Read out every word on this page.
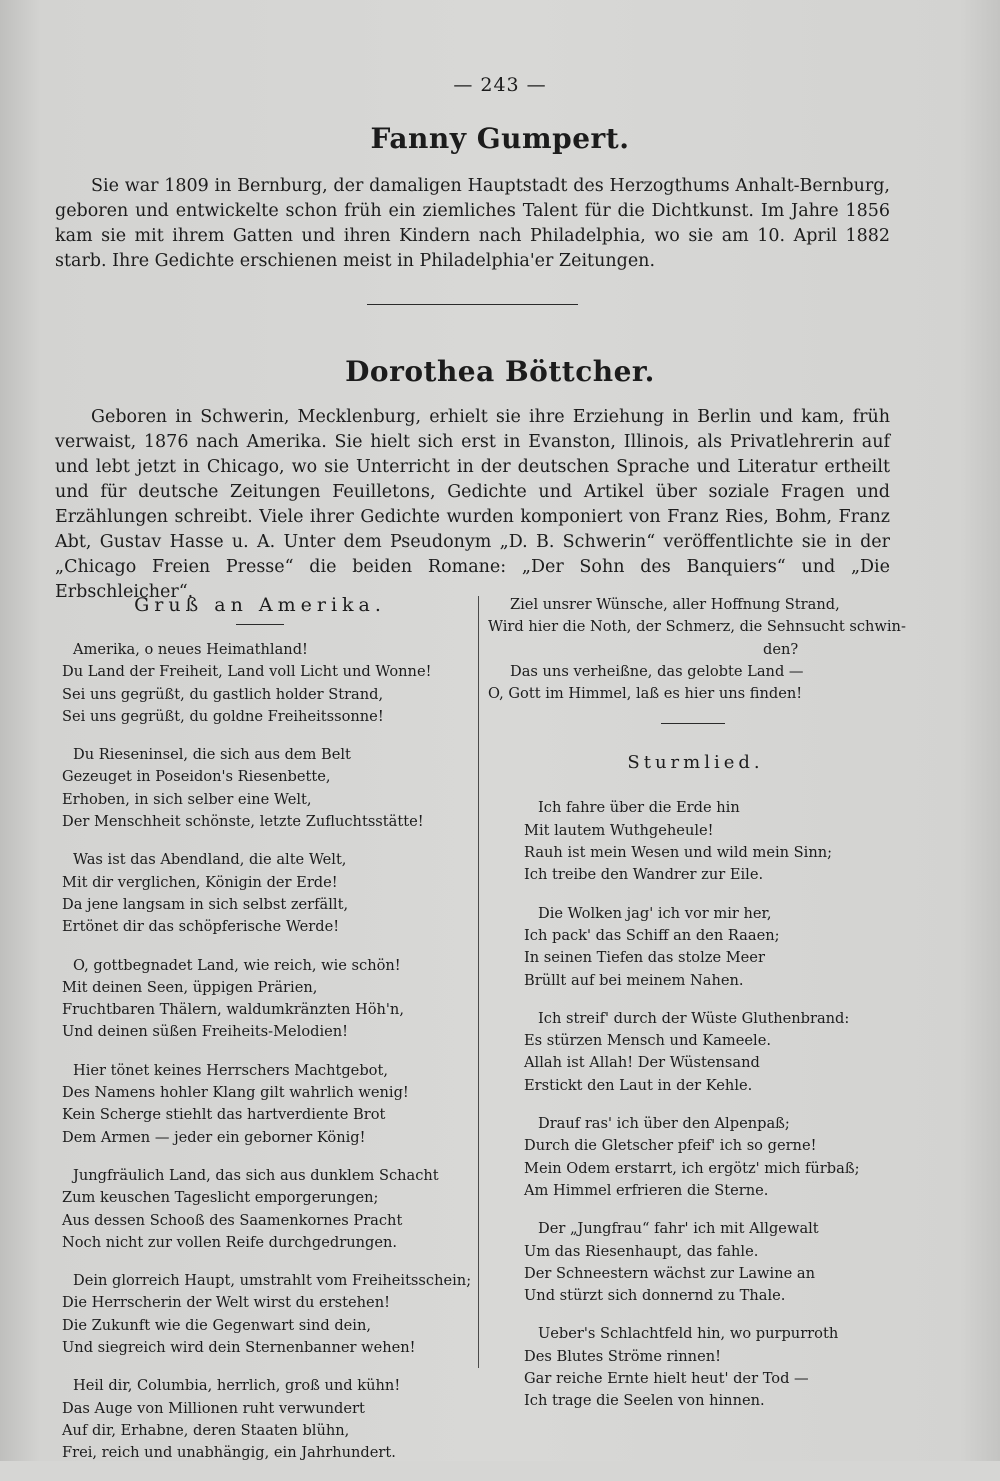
— 243 —
Fanny Gumpert.
Sie war 1809 in Bernburg, der damaligen Hauptstadt des Herzogthums Anhalt-Bernburg, geboren und entwickelte schon früh ein ziemliches Talent für die Dichtkunst. Im Jahre 1856 kam sie mit ihrem Gatten und ihren Kindern nach Philadelphia, wo sie am 10. April 1882 starb. Ihre Gedichte erschienen meist in Philadelphia'er Zeitungen.
Dorothea Böttcher.
Geboren in Schwerin, Mecklenburg, erhielt sie ihre Erziehung in Berlin und kam, früh verwaist, 1876 nach Amerika. Sie hielt sich erst in Evanston, Illinois, als Privatlehrerin auf und lebt jetzt in Chicago, wo sie Unterricht in der deutschen Sprache und Literatur ertheilt und für deutsche Zeitungen Feuilletons, Gedichte und Artikel über soziale Fragen und Erzählungen schreibt. Viele ihrer Gedichte wurden komponiert von Franz Ries, Bohm, Franz Abt, Gustav Hasse u. A. Unter dem Pseudonym „D. B. Schwerin“ veröffentlichte sie in der „Chicago Freien Presse“ die beiden Romane: „Der Sohn des Banquiers“ und „Die Erbschleicher“.
Gruß an Amerika.
Amerika, o neues Heimathland!
Du Land der Freiheit, Land voll Licht und Wonne!
Sei uns gegrüßt, du gastlich holder Strand,
Sei uns gegrüßt, du goldne Freiheitssonne!
Du Rieseninsel, die sich aus dem Belt
Gezeuget in Poseidon's Riesenbette,
Erhoben, in sich selber eine Welt,
Der Menschheit schönste, letzte Zufluchtsstätte!
Was ist das Abendland, die alte Welt,
Mit dir verglichen, Königin der Erde!
Da jene langsam in sich selbst zerfällt,
Ertönet dir das schöpferische Werde!
O, gottbegnadet Land, wie reich, wie schön!
Mit deinen Seen, üppigen Prärien,
Fruchtbaren Thälern, waldumkränzten Höh'n,
Und deinen süßen Freiheits-Melodien!
Hier tönet keines Herrschers Machtgebot,
Des Namens hohler Klang gilt wahrlich wenig!
Kein Scherge stiehlt das hartverdiente Brot
Dem Armen — jeder ein geborner König!
Jungfräulich Land, das sich aus dunklem Schacht
Zum keuschen Tageslicht emporgerungen;
Aus dessen Schooß des Saamenkornes Pracht
Noch nicht zur vollen Reife durchgedrungen.
Dein glorreich Haupt, umstrahlt vom Freiheitsschein;
Die Herrscherin der Welt wirst du erstehen!
Die Zukunft wie die Gegenwart sind dein,
Und siegreich wird dein Sternenbanner wehen!
Heil dir, Columbia, herrlich, groß und kühn!
Das Auge von Millionen ruht verwundert
Auf dir, Erhabne, deren Staaten blühn,
Frei, reich und unabhängig, ein Jahrhundert.
Ziel unsrer Wünsche, aller Hoffnung Strand,
Wird hier die Noth, der Schmerz, die Sehnsucht schwin-
den?
Das uns verheißne, das gelobte Land —
O, Gott im Himmel, laß es hier uns finden!
Sturmlied.
Ich fahre über die Erde hin
Mit lautem Wuthgeheule!
Rauh ist mein Wesen und wild mein Sinn;
Ich treibe den Wandrer zur Eile.
Die Wolken jag' ich vor mir her,
Ich pack' das Schiff an den Raaen;
In seinen Tiefen das stolze Meer
Brüllt auf bei meinem Nahen.
Ich streif' durch der Wüste Gluthenbrand:
Es stürzen Mensch und Kameele.
Allah ist Allah! Der Wüstensand
Erstickt den Laut in der Kehle.
Drauf ras' ich über den Alpenpaß;
Durch die Gletscher pfeif' ich so gerne!
Mein Odem erstarrt, ich ergötz' mich fürbaß;
Am Himmel erfrieren die Sterne.
Der „Jungfrau“ fahr' ich mit Allgewalt
Um das Riesenhaupt, das fahle.
Der Schneestern wächst zur Lawine an
Und stürzt sich donnernd zu Thale.
Ueber's Schlachtfeld hin, wo purpurroth
Des Blutes Ströme rinnen!
Gar reiche Ernte hielt heut' der Tod —
Ich trage die Seelen von hinnen.
